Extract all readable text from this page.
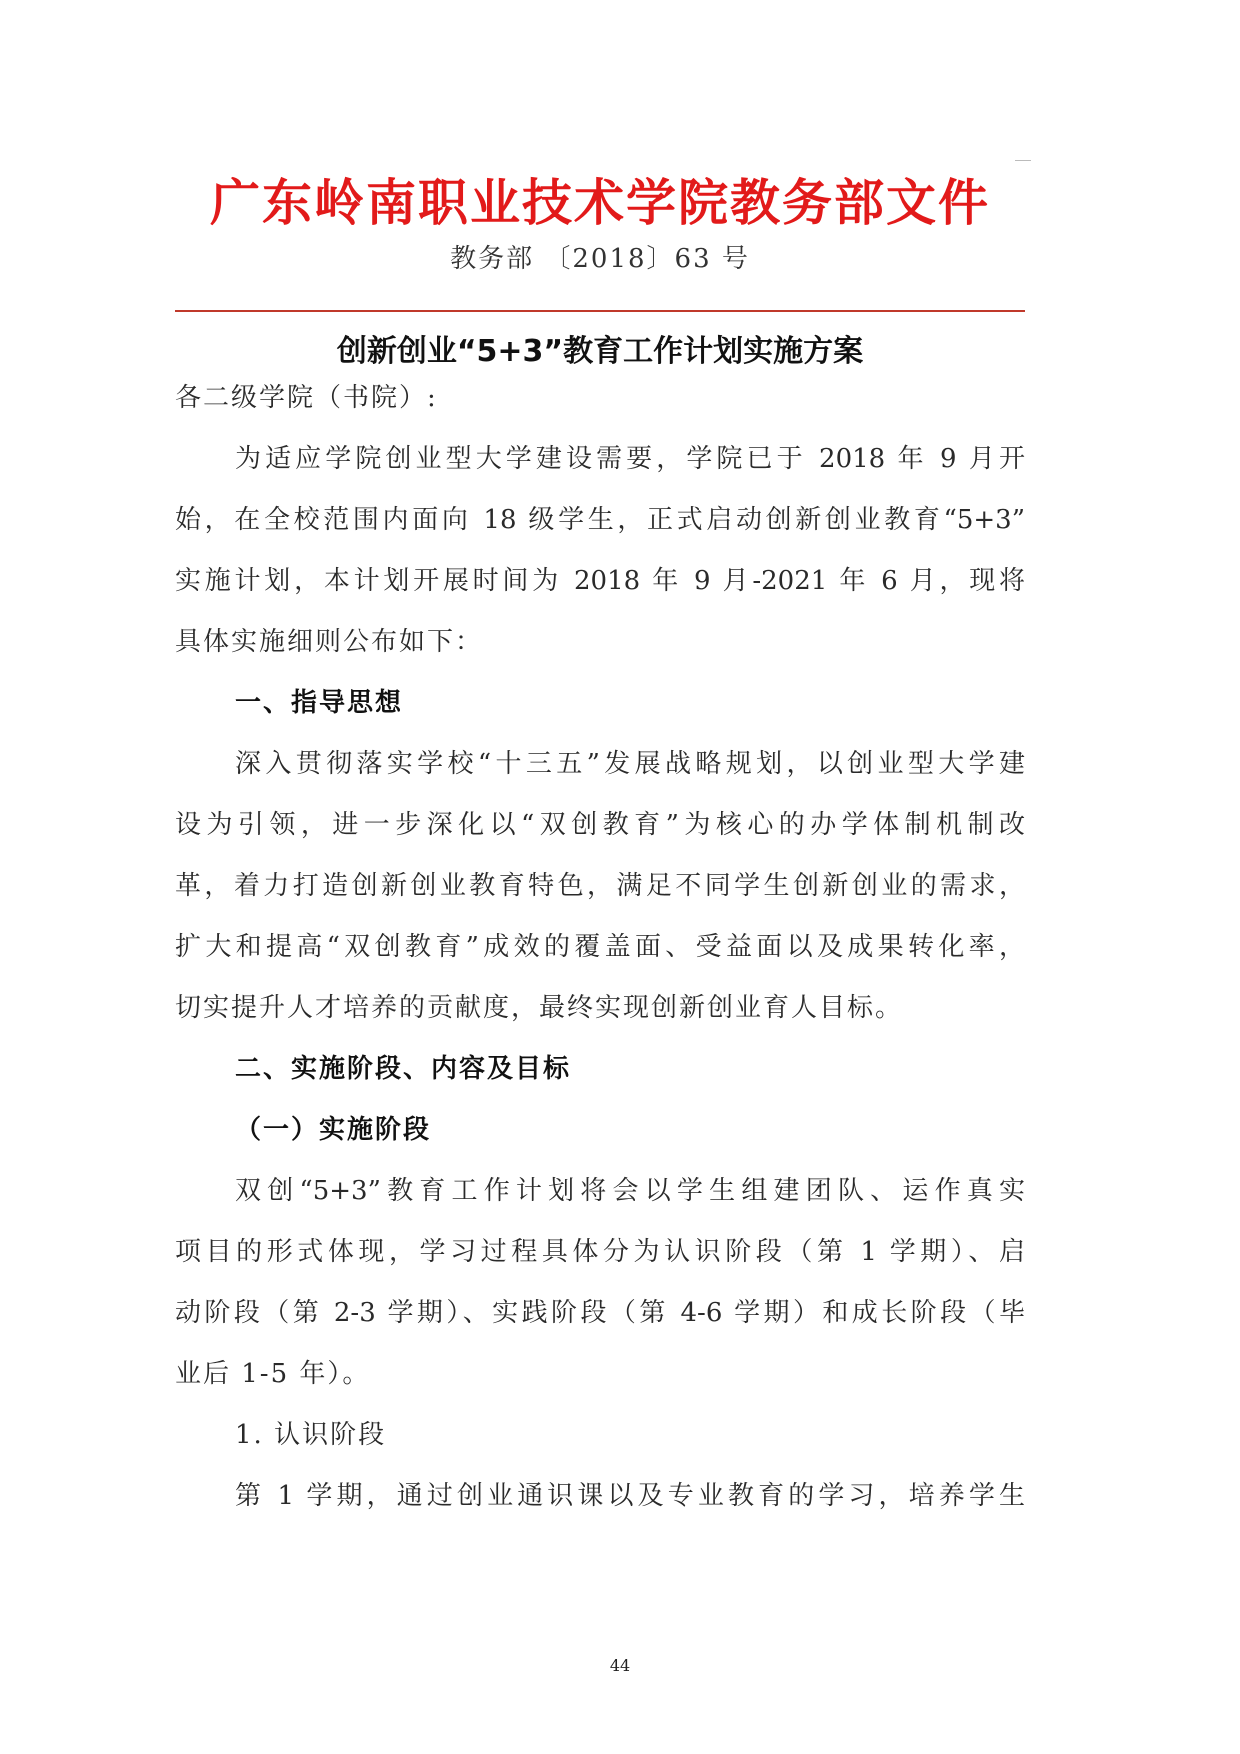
广东岭南职业技术学院教务部文件
教务部 〔2018〕63 号
创新创业“5+3”教育工作计划实施方案
各二级学院（书院）:
为适应学院创业型大学建设需要，学院已于 2018 年 9 月开
始，在全校范围内面向 18 级学生，正式启动创新创业教育“5+3”
实施计划，本计划开展时间为 2018 年 9 月-2021 年 6 月，现将
具体实施细则公布如下：
一、指导思想
深入贯彻落实学校“十三五”发展战略规划，以创业型大学建
设为引领，进一步深化以“双创教育”为核心的办学体制机制改
革，着力打造创新创业教育特色，满足不同学生创新创业的需求，
扩大和提高“双创教育”成效的覆盖面、受益面以及成果转化率，
切实提升人才培养的贡献度，最终实现创新创业育人目标。
二、实施阶段、内容及目标
（一）实施阶段
双创“5+3”教育工作计划将会以学生组建团队、运作真实
项目的形式体现，学习过程具体分为认识阶段（第 1 学期）、启
动阶段（第 2-3 学期）、实践阶段（第 4-6 学期）和成长阶段（毕
业后 1-5 年）。
1. 认识阶段
第 1 学期，通过创业通识课以及专业教育的学习，培养学生
44
